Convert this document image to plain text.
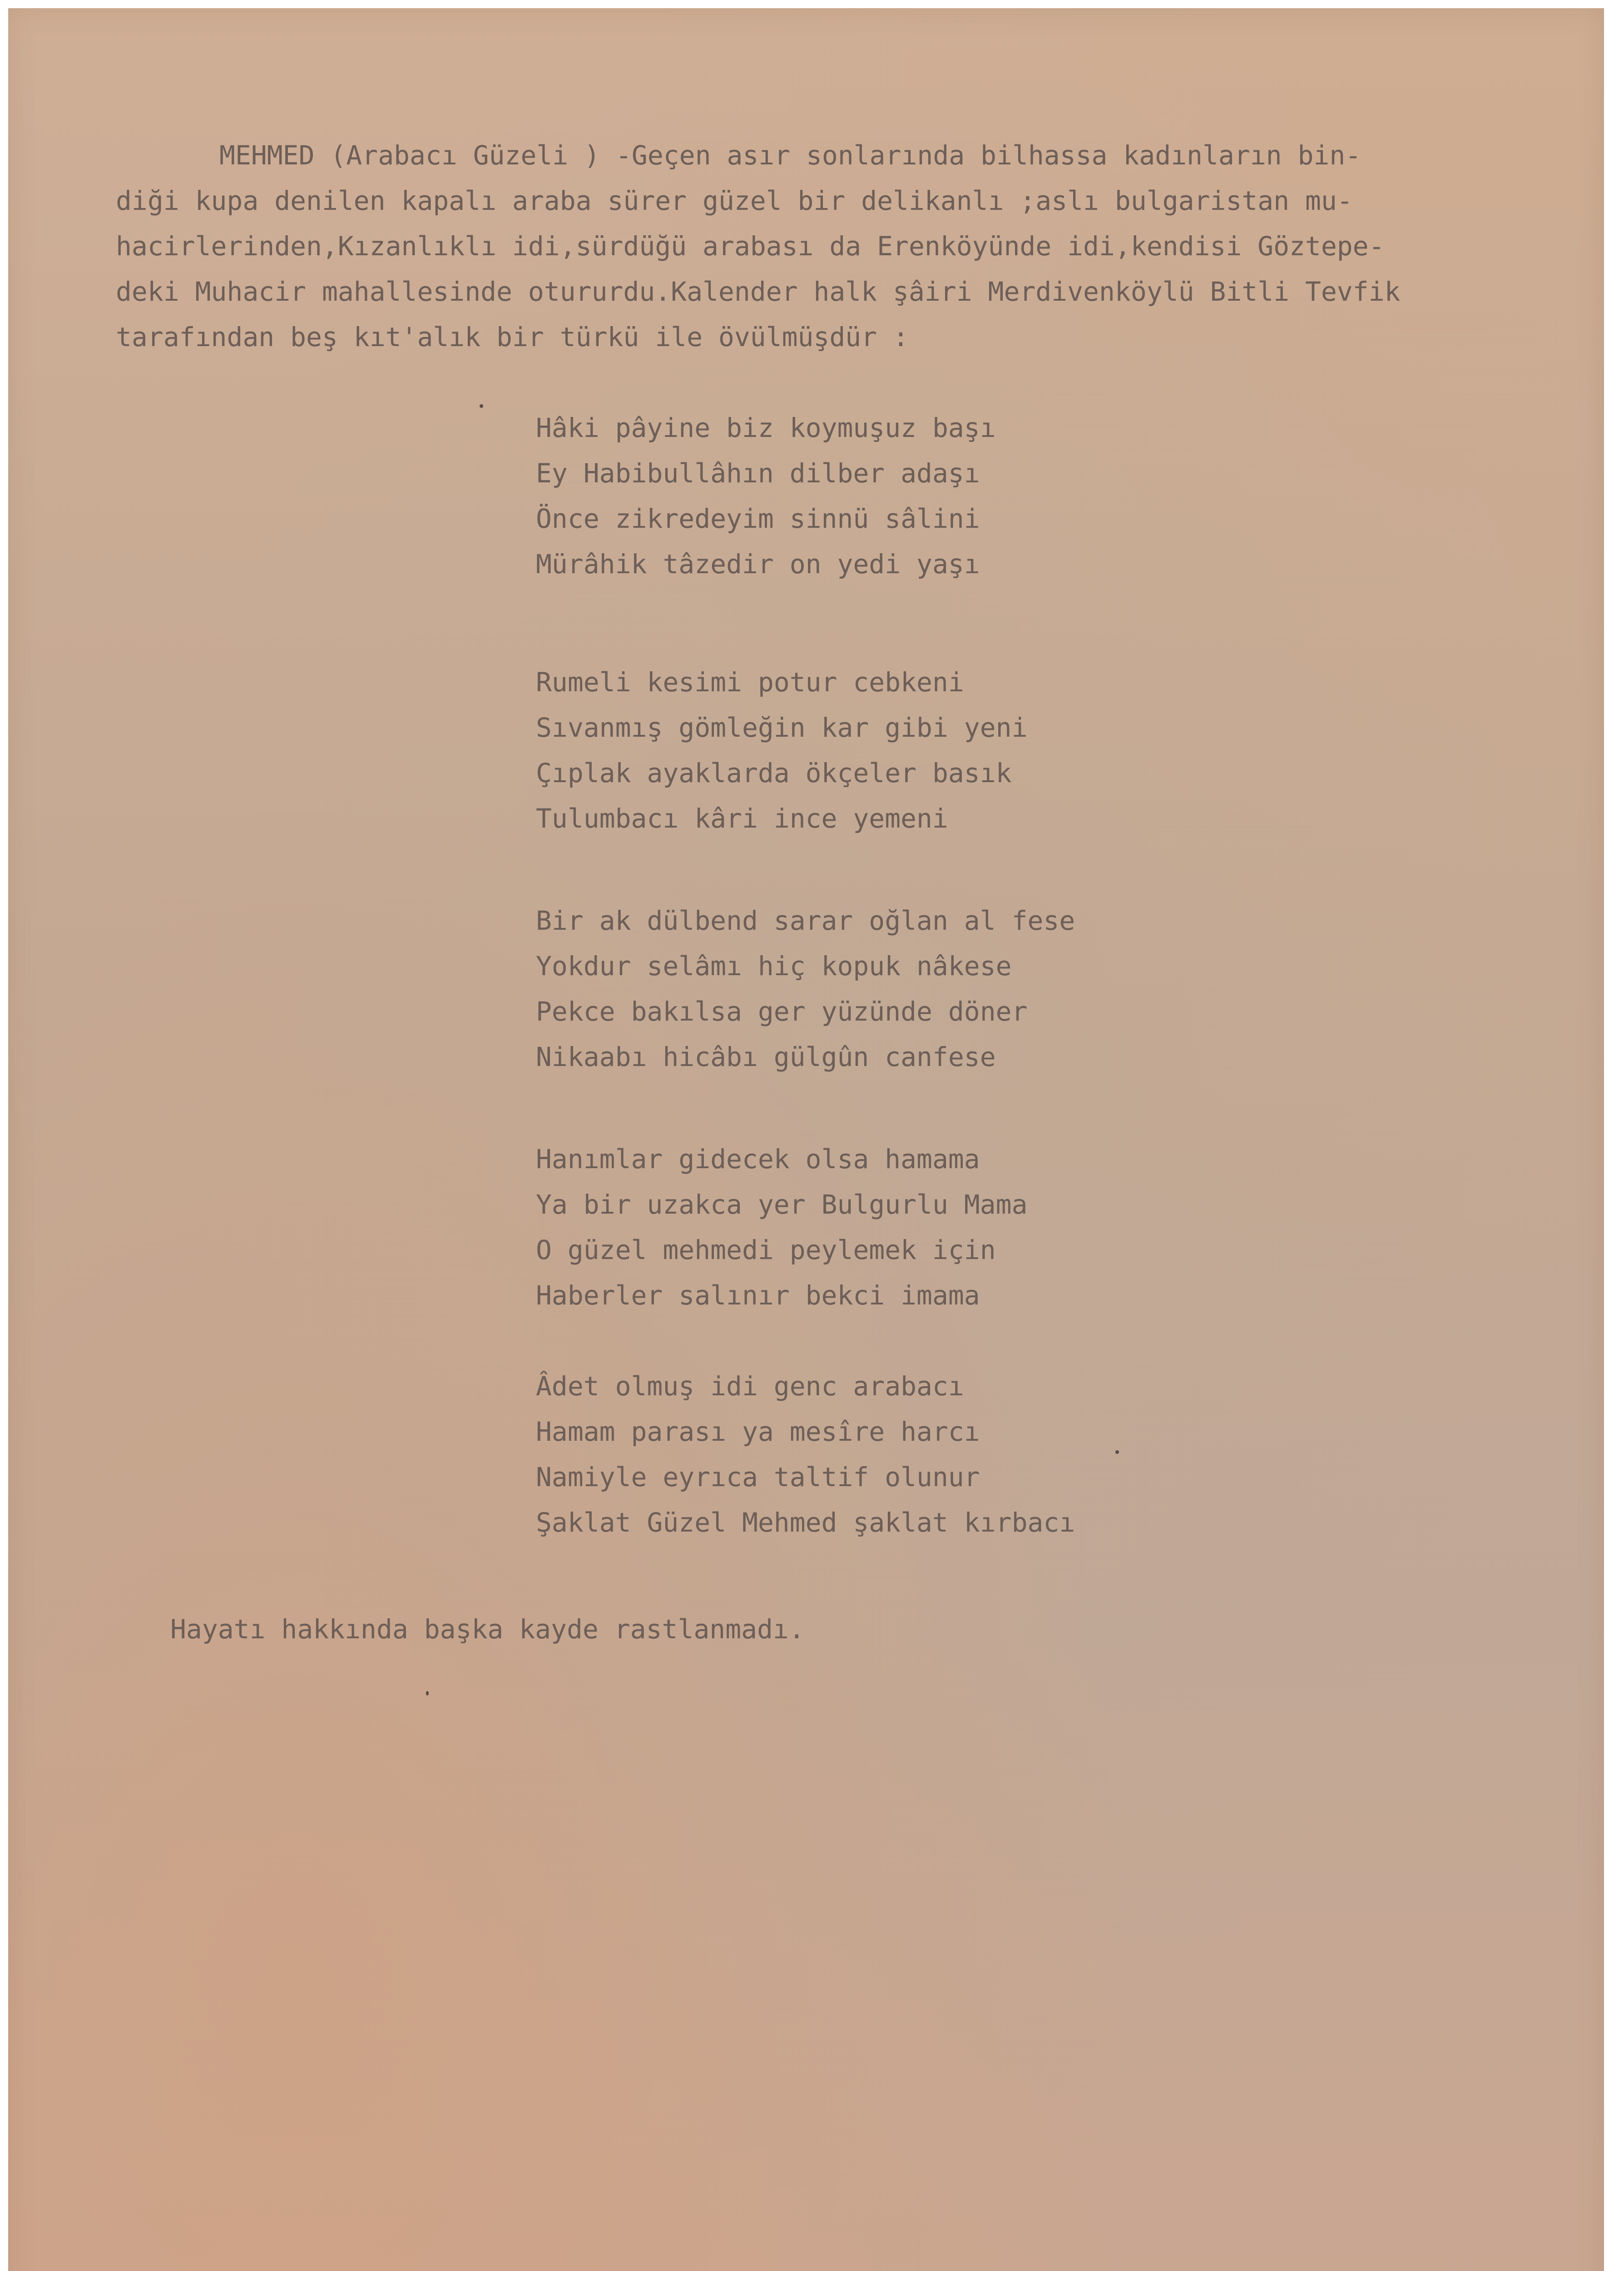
MEHMED (Arabacı Güzeli ) -Geçen asır sonlarında bilhassa kadınların bin-
diği kupa denilen kapalı araba sürer güzel bir delikanlı ;aslı bulgaristan mu-
hacirlerinden,Kızanlıklı idi,sürdüğü arabası da Erenköyünde idi,kendisi Göztepe-
deki Muhacir mahallesinde otururdu.Kalender halk şâiri Merdivenköylü Bitli Tevfik
tarafından beş kıt'alık bir türkü ile övülmüşdür :
Hâki pâyine biz koymuşuz başı
Ey Habibullâhın dilber adaşı
Önce zikredeyim sinnü sâlini
Mürâhik tâzedir on yedi yaşı
Rumeli kesimi potur cebkeni
Sıvanmış gömleğin kar gibi yeni
Çıplak ayaklarda ökçeler basık
Tulumbacı kâri ince yemeni
Bir ak dülbend sarar oğlan al fese
Yokdur selâmı hiç kopuk nâkese
Pekce bakılsa ger yüzünde döner
Nikaabı hicâbı gülgûn canfese
Hanımlar gidecek olsa hamama
Ya bir uzakca yer Bulgurlu Mama
O güzel mehmedi peylemek için
Haberler salınır bekci imama
Âdet olmuş idi genc arabacı
Hamam parası ya mesîre harcı
Namiyle eyrıca taltif olunur
Şaklat Güzel Mehmed şaklat kırbacı
Hayatı hakkında başka kayde rastlanmadı.
